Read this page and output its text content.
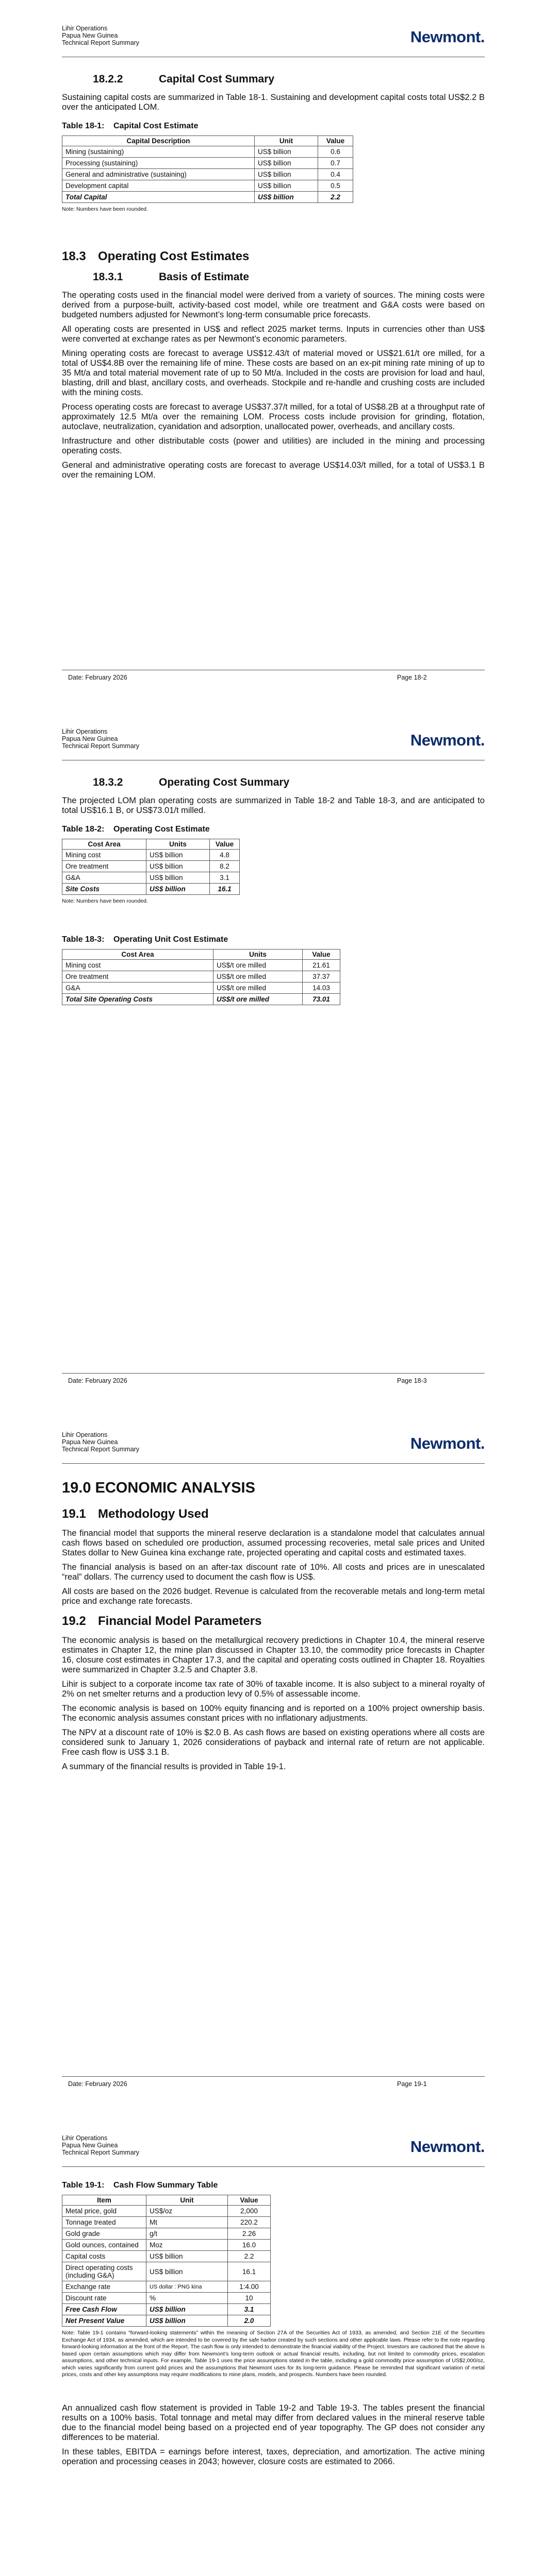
Lihir Operations
Papua New Guinea
Technical Report Summary	Newmont.
18.2.2	Capital Cost Summary

Sustaining capital costs are summarized in Table 18-1. Sustaining and development capital costs total US$2.2 B over the anticipated LOM.

Table 18-1: Capital Cost Estimate
Capital Description	Unit	Value
Mining (sustaining)	US$ billion	0.6
Processing (sustaining)	US$ billion	0.7
General and administrative (sustaining)	US$ billion	0.4
Development capital	US$ billion	0.5
Total Capital	US$ billion	2.2
Note: Numbers have been rounded.
18.3 Operating Cost Estimates
18.3.1	Basis of Estimate

The operating costs used in the financial model were derived from a variety of sources. The mining costs were derived from a purpose-built, activity-based cost model, while ore treatment and G&A costs were based on budgeted numbers adjusted for Newmont’s long-term consumable price forecasts.

All operating costs are presented in US$ and reflect 2025 market terms. Inputs in currencies other than US$ were converted at exchange rates as per Newmont’s economic parameters.

Mining operating costs are forecast to average US$12.43/t of material moved or US$21.61/t ore milled, for a total of US$4.8B over the remaining life of mine. These costs are based on an ex-pit mining rate mining of up to 35 Mt/a and total material movement rate of up to 50 Mt/a. Included in the costs are provision for load and haul, blasting, drill and blast, ancillary costs, and overheads. Stockpile and re-handle and crushing costs are included with the mining costs.

Process operating costs are forecast to average US$37.37/t milled, for a total of US$8.2B at a throughput rate of approximately 12.5 Mt/a over the remaining LOM. Process costs include provision for grinding, flotation, autoclave, neutralization, cyanidation and adsorption, unallocated power, overheads, and ancillary costs.

Infrastructure and other distributable costs (power and utilities) are included in the mining and processing operating costs.

General and administrative operating costs are forecast to average US$14.03/t milled, for a total of US$3.1 B over the remaining LOM.

Date: February 2026	Page 18-2
Lihir Operations
Papua New Guinea
Technical Report Summary	Newmont.
18.3.2	Operating Cost Summary

The projected LOM plan operating costs are summarized in Table 18-2 and Table 18-3, and are anticipated to total US$16.1 B, or US$73.01/t milled.

Table 18-2: Operating Cost Estimate
Cost Area	Units	Value
Mining cost	US$ billion	4.8
Ore treatment	US$ billion	8.2
G&A	US$ billion	3.1
Site Costs	US$ billion	16.1
Note: Numbers have been rounded.
Table 18-3: Operating Unit Cost Estimate
Cost Area	Units	Value
Mining cost	US$/t ore milled	21.61
Ore treatment	US$/t ore milled	37.37
G&A	US$/t ore milled	14.03
Total Site Operating Costs	US$/t ore milled	73.01
Date: February 2026	Page 18-3
Lihir Operations
Papua New Guinea
Technical Report Summary	Newmont.
19.0 ECONOMIC ANALYSIS
19.1 Methodology Used

The financial model that supports the mineral reserve declaration is a standalone model that calculates annual cash flows based on scheduled ore production, assumed processing recoveries, metal sale prices and United States dollar to New Guinea kina exchange rate, projected operating and capital costs and estimated taxes.

The financial analysis is based on an after-tax discount rate of 10%. All costs and prices are in unescalated “real” dollars. The currency used to document the cash flow is US$.

All costs are based on the 2026 budget. Revenue is calculated from the recoverable metals and long-term metal price and exchange rate forecasts.

19.2 Financial Model Parameters

The economic analysis is based on the metallurgical recovery predictions in Chapter 10.4, the mineral reserve estimates in Chapter 12, the mine plan discussed in Chapter 13.10, the commodity price forecasts in Chapter 16, closure cost estimates in Chapter 17.3, and the capital and operating costs outlined in Chapter 18. Royalties were summarized in Chapter 3.2.5 and Chapter 3.8.

Lihir is subject to a corporate income tax rate of 30% of taxable income. It is also subject to a mineral royalty of 2% on net smelter returns and a production levy of 0.5% of assessable income.

The economic analysis is based on 100% equity financing and is reported on a 100% project ownership basis. The economic analysis assumes constant prices with no inflationary adjustments.

The NPV at a discount rate of 10% is $2.0 B. As cash flows are based on existing operations where all costs are considered sunk to January 1, 2026 considerations of payback and internal rate of return are not applicable. Free cash flow is US$ 3.1 B.

A summary of the financial results is provided in Table 19-1.

Date: February 2026	Page 19-1
Lihir Operations
Papua New Guinea
Technical Report Summary	Newmont.
Table 19-1: Cash Flow Summary Table
Item	Unit	Value
Metal price, gold	US$/oz	2,000
Tonnage treated	Mt	220.2
Gold grade	g/t	2.26
Gold ounces, contained	Moz	16.0
Capital costs	US$ billion	2.2
Direct operating costs (including G&A)	US$ billion	16.1
Exchange rate	US dollar : PNG kina	1:4.00
Discount rate	%	10
Free Cash Flow	US$ billion	3.1
Net Present Value	US$ billion	2.0
Note: Table 19-1 contains “forward-looking statements” within the meaning of Section 27A of the Securities Act of 1933, as amended, and Section 21E of the Securities Exchange Act of 1934, as amended, which are intended to be covered by the safe harbor created by such sections and other applicable laws. Please refer to the note regarding forward-looking information at the front of the Report. The cash flow is only intended to demonstrate the financial viability of the Project. Investors are cautioned that the above is based upon certain assumptions which may differ from Newmont’s long-term outlook or actual financial results, including, but not limited to commodity prices, escalation assumptions, and other technical inputs. For example, Table 19-1 uses the price assumptions stated in the table, including a gold commodity price assumption of US$2,000/oz, which varies significantly from current gold prices and the assumptions that Newmont uses for its long-term guidance. Please be reminded that significant variation of metal prices, costs and other key assumptions may require modifications to mine plans, models, and prospects. Numbers have been rounded.

An annualized cash flow statement is provided in Table 19-2 and Table 19-3. The tables present the financial results on a 100% basis. Total tonnage and metal may differ from declared values in the mineral reserve table due to the financial model being based on a projected end of year topography. The GP does not consider any differences to be material.

In these tables, EBITDA = earnings before interest, taxes, depreciation, and amortization. The active mining operation and processing ceases in 2043; however, closure costs are estimated to 2066.
